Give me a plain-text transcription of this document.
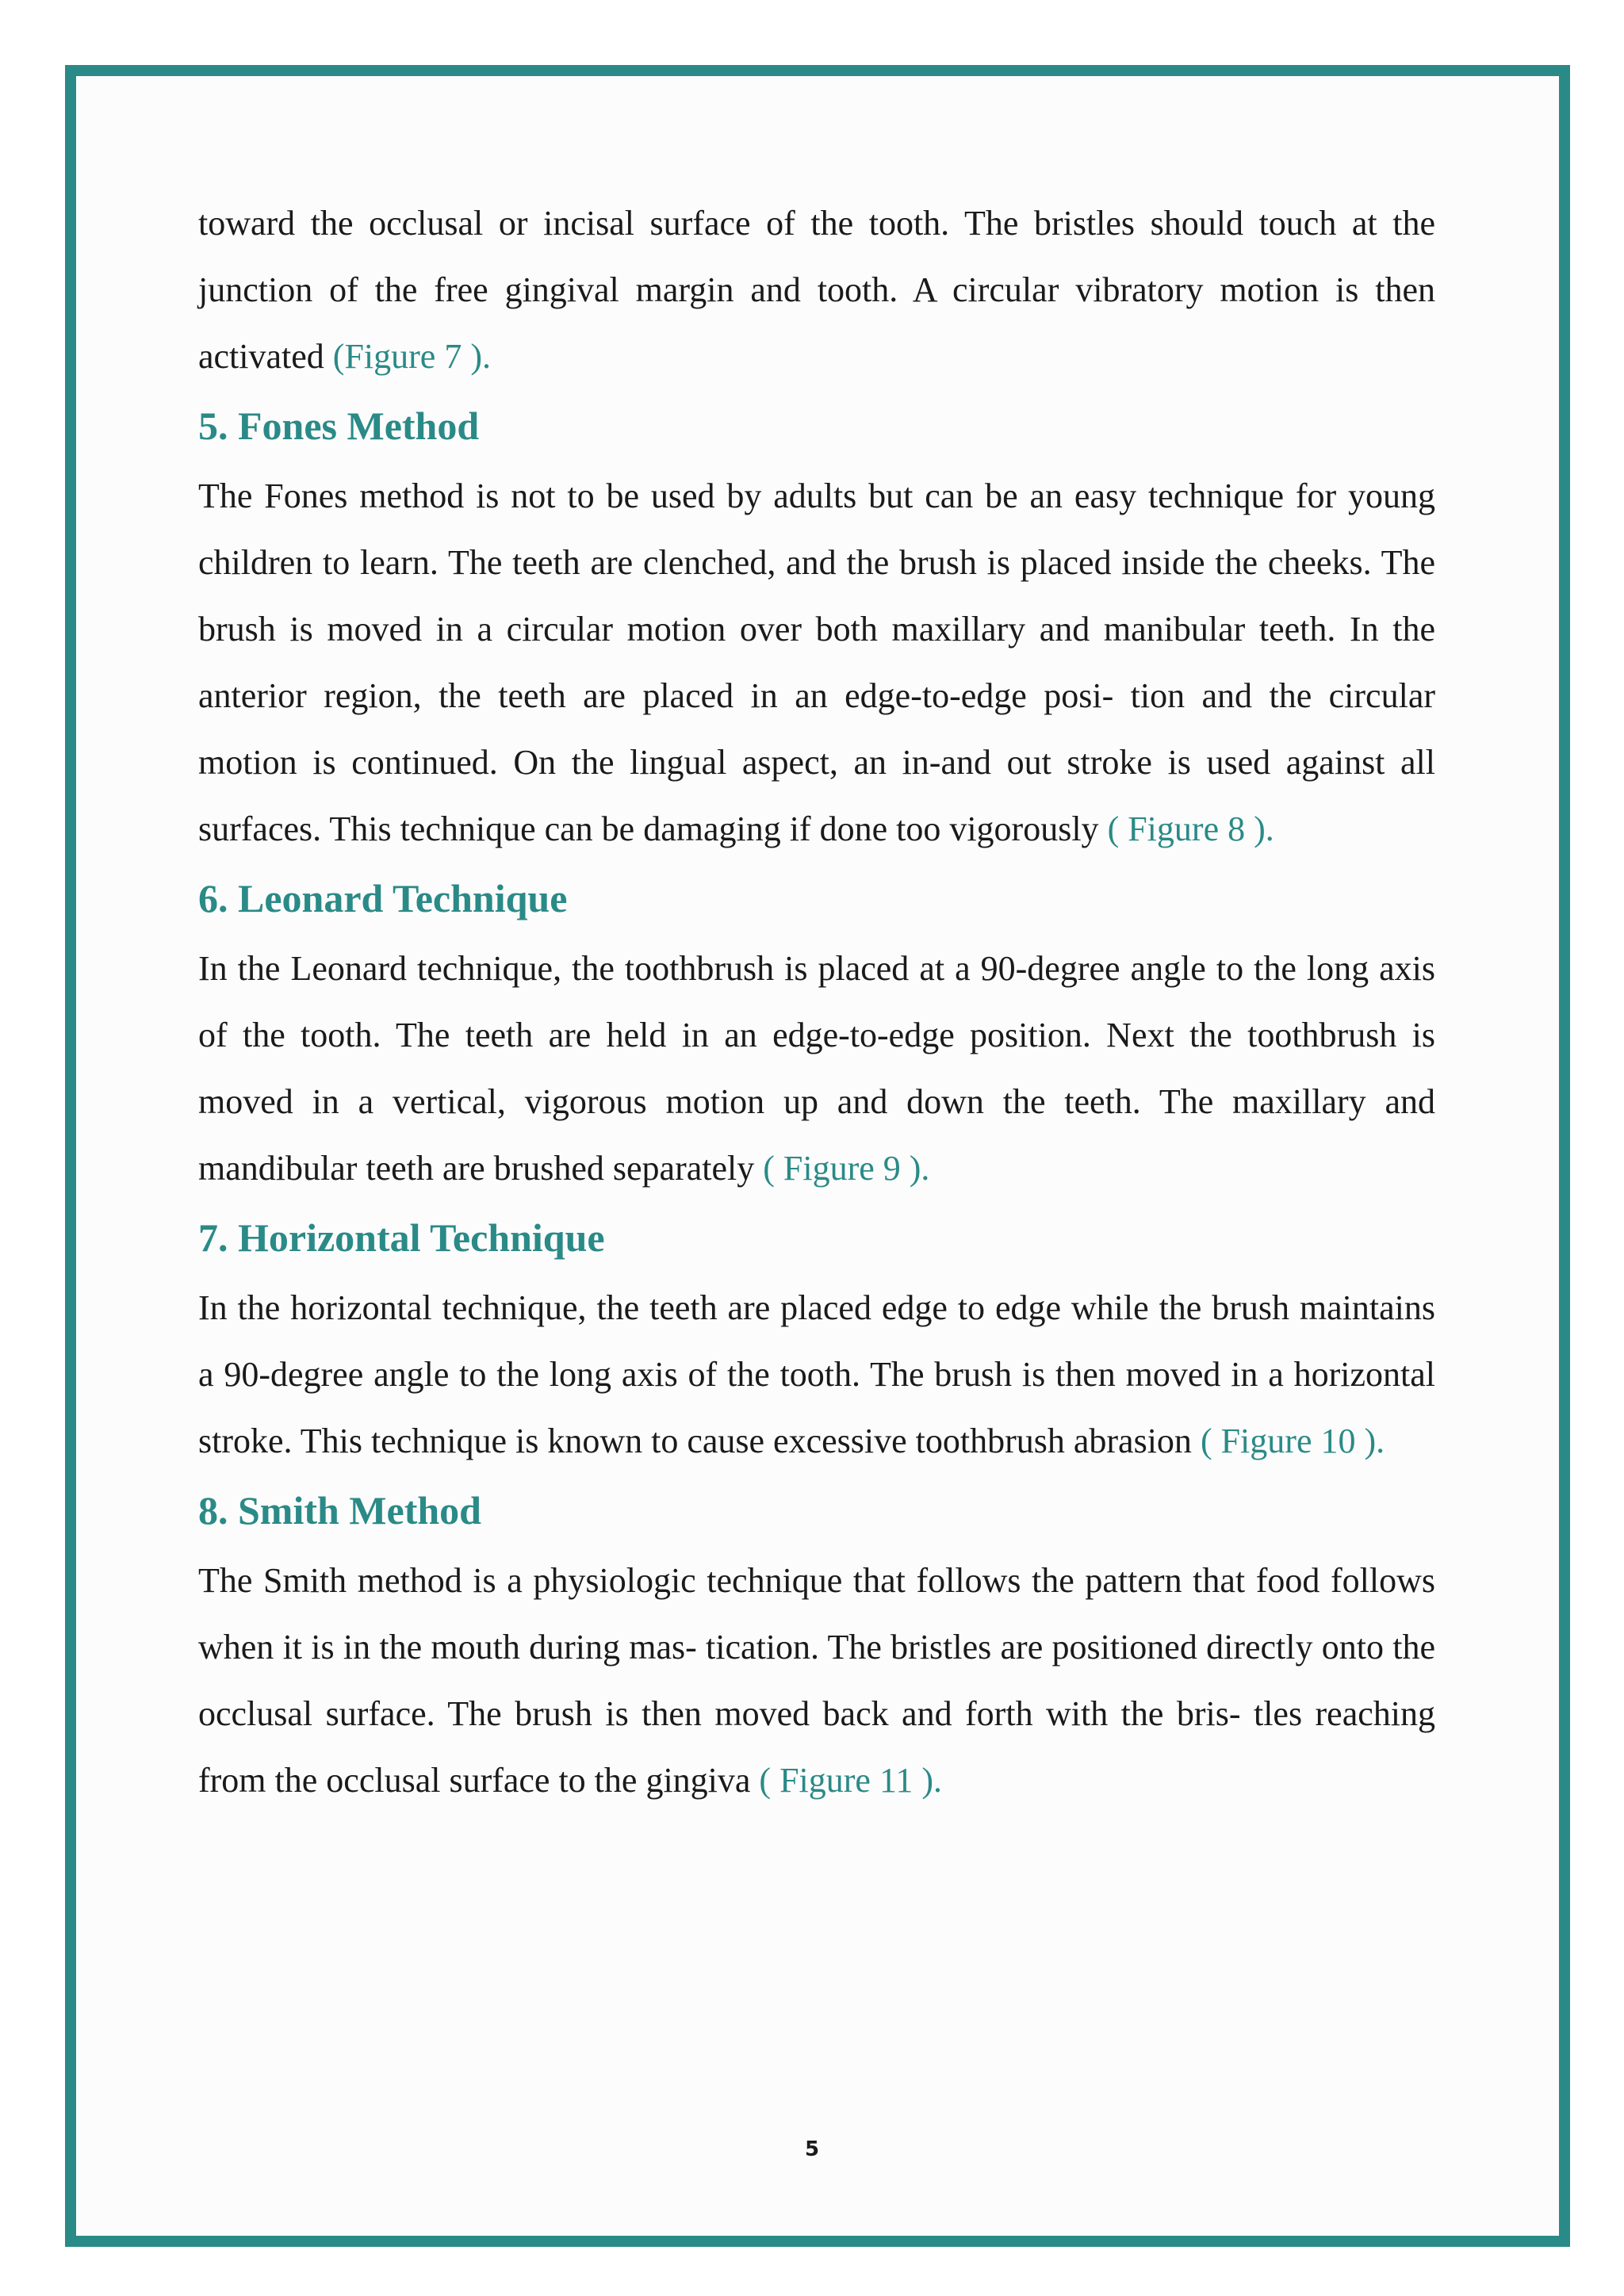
toward the occlusal or incisal surface of the tooth. The bristles should touch at the junction of the free gingival margin and tooth. A circular vibratory motion is then activated (Figure 7 ).

5. Fones Method

The Fones method is not to be used by adults but can be an easy technique for young children to learn. The teeth are clenched, and the brush is placed inside the cheeks. The brush is moved in a circular motion over both maxillary and manibular teeth. In the anterior region, the teeth are placed in an edge-to-edge posi- tion and the circular motion is continued. On the lingual aspect, an in-and out stroke is used against all surfaces. This technique can be damaging if done too vigorously ( Figure 8 ).

6. Leonard Technique

In the Leonard technique, the toothbrush is placed at a 90-degree angle to the long axis of the tooth. The teeth are held in an edge-to-edge position. Next the toothbrush is moved in a vertical, vigorous motion up and down the teeth. The maxillary and mandibular teeth are brushed separately ( Figure 9 ).

7. Horizontal Technique

In the horizontal technique, the teeth are placed edge to edge while the brush maintains a 90-degree angle to the long axis of the tooth. The brush is then moved in a horizontal stroke. This technique is known to cause excessive toothbrush abrasion ( Figure 10 ).

8. Smith Method

The Smith method is a physiologic technique that follows the pattern that food follows when it is in the mouth during mas- tication. The bristles are positioned directly onto the occlusal surface. The brush is then moved back and forth with the bris- tles reaching from the occlusal surface to the gingiva ( Figure 11 ).

5
